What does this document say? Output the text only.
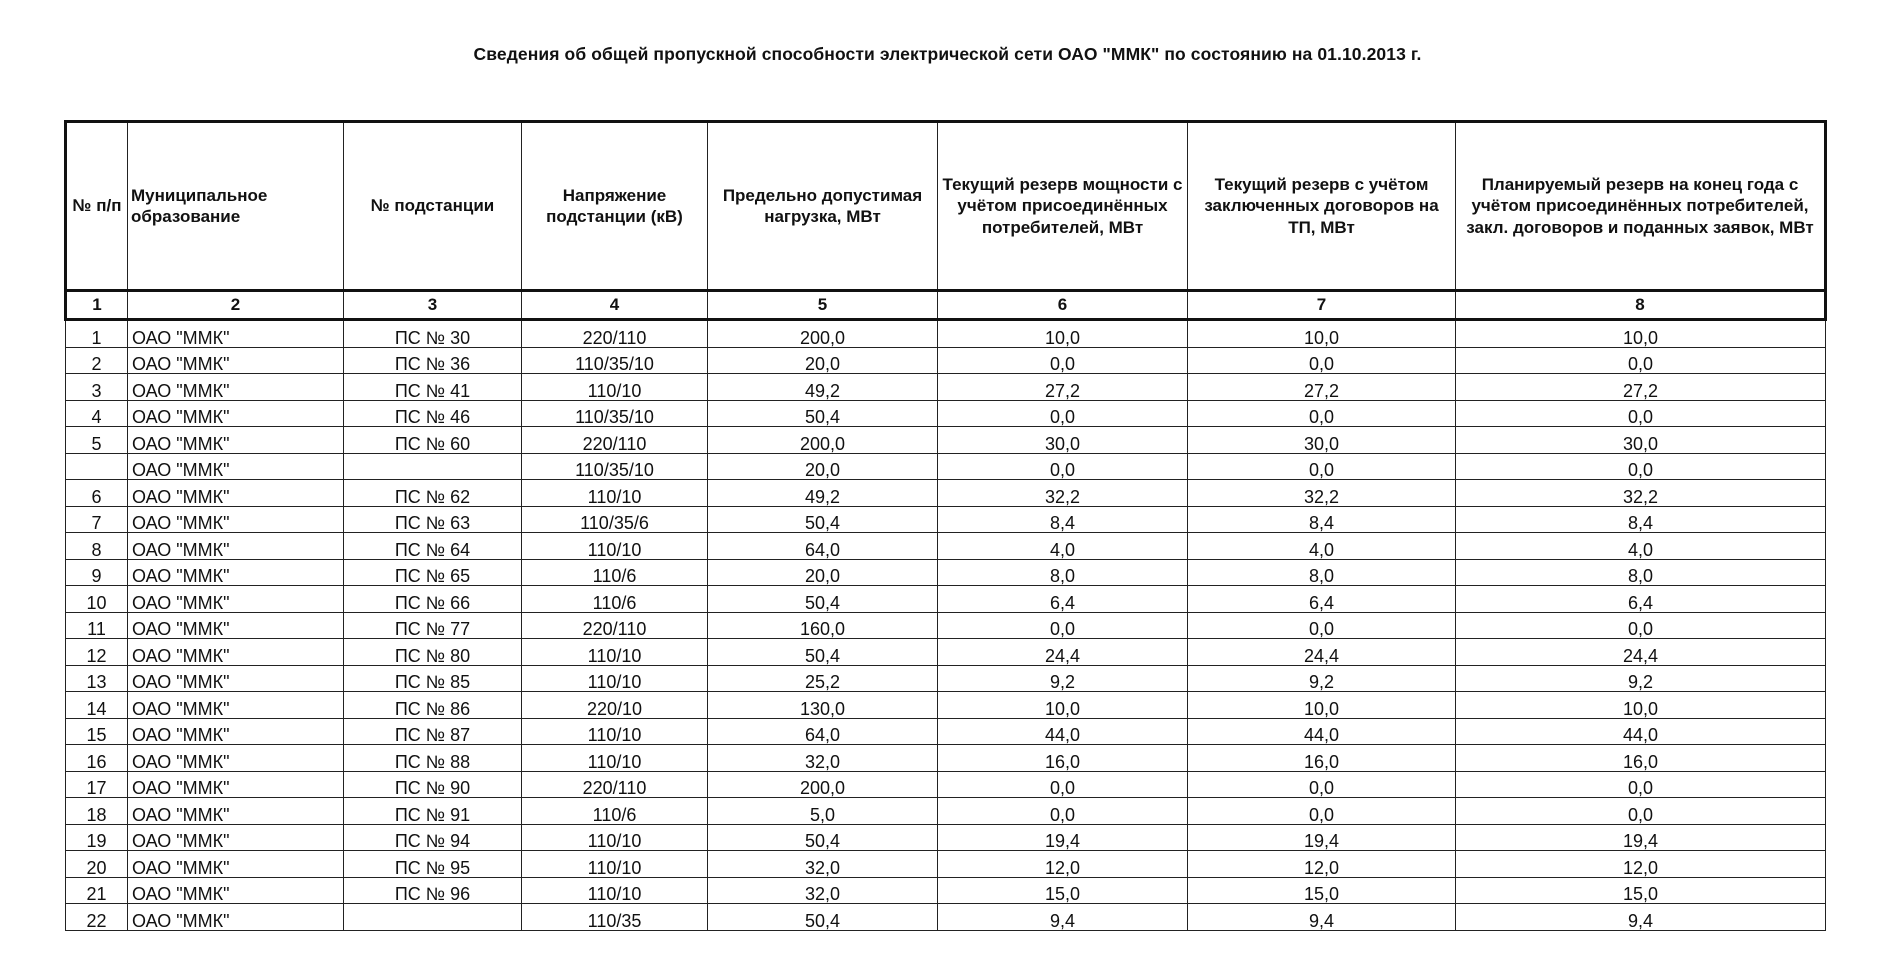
Сведения об общей пропускной способности электрической сети ОАО "ММК" по состоянию на 01.10.2013 г.
№ п/п	Муниципальное образование	№ подстанции	Напряжение подстанции (кВ)	Предельно допустимая нагрузка, МВт	Текущий резерв мощности с учётом присоединённых потребителей, МВт	Текущий резерв с учётом заключенных договоров на ТП, МВт	Планируемый резерв на конец года с учётом присоединённых потребителей, закл. договоров и поданных заявок, МВт
1	2	3	4	5	6	7	8
1	ОАО "ММК"	ПС № 30	220/110	200,0	10,0	10,0	10,0
2	ОАО "ММК"	ПС № 36	110/35/10	20,0	0,0	0,0	0,0
3	ОАО "ММК"	ПС № 41	110/10	49,2	27,2	27,2	27,2
4	ОАО "ММК"	ПС № 46	110/35/10	50,4	0,0	0,0	0,0
5	ОАО "ММК"	ПС № 60	220/110	200,0	30,0	30,0	30,0
	ОАО "ММК"		110/35/10	20,0	0,0	0,0	0,0
6	ОАО "ММК"	ПС № 62	110/10	49,2	32,2	32,2	32,2
7	ОАО "ММК"	ПС № 63	110/35/6	50,4	8,4	8,4	8,4
8	ОАО "ММК"	ПС № 64	110/10	64,0	4,0	4,0	4,0
9	ОАО "ММК"	ПС № 65	110/6	20,0	8,0	8,0	8,0
10	ОАО "ММК"	ПС № 66	110/6	50,4	6,4	6,4	6,4
11	ОАО "ММК"	ПС № 77	220/110	160,0	0,0	0,0	0,0
12	ОАО "ММК"	ПС № 80	110/10	50,4	24,4	24,4	24,4
13	ОАО "ММК"	ПС № 85	110/10	25,2	9,2	9,2	9,2
14	ОАО "ММК"	ПС № 86	220/10	130,0	10,0	10,0	10,0
15	ОАО "ММК"	ПС № 87	110/10	64,0	44,0	44,0	44,0
16	ОАО "ММК"	ПС № 88	110/10	32,0	16,0	16,0	16,0
17	ОАО "ММК"	ПС № 90	220/110	200,0	0,0	0,0	0,0
18	ОАО "ММК"	ПС № 91	110/6	5,0	0,0	0,0	0,0
19	ОАО "ММК"	ПС № 94	110/10	50,4	19,4	19,4	19,4
20	ОАО "ММК"	ПС № 95	110/10	32,0	12,0	12,0	12,0
21	ОАО "ММК"	ПС № 96	110/10	32,0	15,0	15,0	15,0
22	ОАО "ММК"		110/35	50,4	9,4	9,4	9,4
